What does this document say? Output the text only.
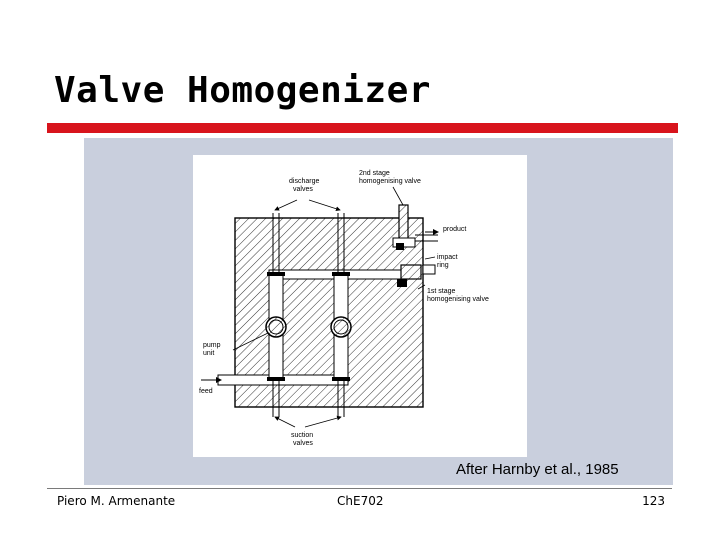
Valve Homogenizer
discharge
valves
2nd stage
homogenising valve
product
impact
ring
1st stage
homogenising valve
pump
unit
feed
suction
valves
After Harnby et al., 1985
Piero M. Armenante	ChE702	123
